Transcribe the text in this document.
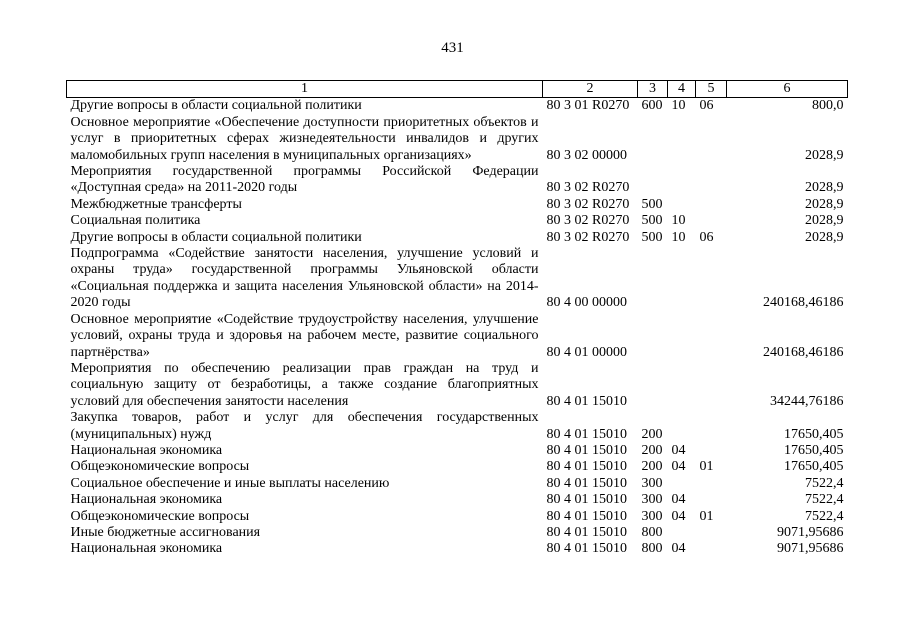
431
1	2	3	4	5	6
Другие вопросы в области социальной политики	80 3 01 R0270	600	10	06	800,0
Основное мероприятие «Обеспечение доступности приоритетных объектов и услуг в приоритетных сферах жизнедеятельности инвалидов и других маломобильных групп населения в муниципальных организациях»	80 3 02 00000				2028,9
Мероприятия государственной программы Российской Федерации «Доступная среда» на 2011-2020 годы	80 3 02 R0270				2028,9
Межбюджетные трансферты	80 3 02 R0270	500			2028,9
Социальная политика	80 3 02 R0270	500	10		2028,9
Другие вопросы в области социальной политики	80 3 02 R0270	500	10	06	2028,9
Подпрограмма «Содействие занятости населения, улучшение условий и охраны труда» государственной программы Ульяновской области «Социальная поддержка и защита населения Ульяновской области» на 2014-2020 годы	80 4 00 00000				240168,46186
Основное мероприятие «Содействие трудоустройству населения, улучшение условий, охраны труда и здоровья на рабочем месте, развитие социального партнёрства»	80 4 01 00000				240168,46186
Мероприятия по обеспечению реализации прав граждан на труд и социальную защиту от безработицы, а также создание благоприятных условий для обеспечения занятости населения	80 4 01 15010				34244,76186
Закупка товаров, работ и услуг для обеспечения государственных (муниципальных) нужд	80 4 01 15010	200			17650,405
Национальная экономика	80 4 01 15010	200	04		17650,405
Общеэкономические вопросы	80 4 01 15010	200	04	01	17650,405
Социальное обеспечение и иные выплаты населению	80 4 01 15010	300			7522,4
Национальная экономика	80 4 01 15010	300	04		7522,4
Общеэкономические вопросы	80 4 01 15010	300	04	01	7522,4
Иные бюджетные ассигнования	80 4 01 15010	800			9071,95686
Национальная экономика	80 4 01 15010	800	04		9071,95686
